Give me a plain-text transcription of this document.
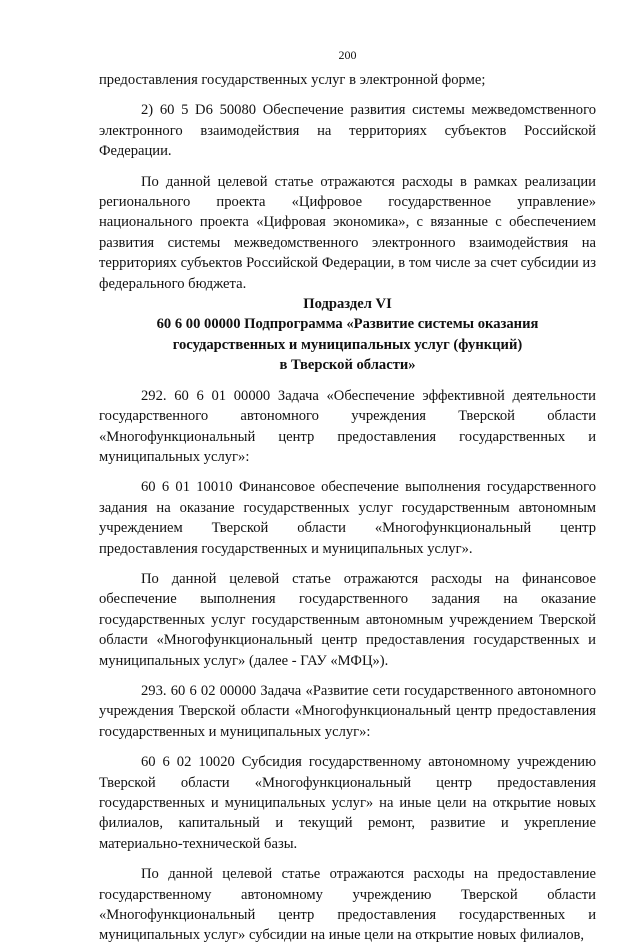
200

предоставления государственных услуг в электронной форме;

2) 60 5 D6 50080 Обеспечение развития системы межведомственного электронного взаимодействия на территориях субъектов Российской Федерации.

По данной целевой статье отражаются расходы в рамках реализации регионального проекта «Цифровое государственное управление» национального проекта «Цифровая экономика», с вязанные с обеспечением развития системы межведомственного электронного взаимодействия на территориях субъектов Российской Федерации, в том числе за счет субсидии из федерального бюджета.

Подраздел VI
60 6 00 00000 Подпрограмма «Развитие системы оказания
государственных и муниципальных услуг (функций)
в Тверской области»

292. 60 6 01 00000 Задача «Обеспечение эффективной деятельности государственного автономного учреждения Тверской области «Многофункциональный центр предоставления государственных и муниципальных услуг»:

60 6 01 10010 Финансовое обеспечение выполнения государственного задания на оказание государственных услуг государственным автономным учреждением Тверской области «Многофункциональный центр предоставления государственных и муниципальных услуг».

По данной целевой статье отражаются расходы на финансовое обеспечение выполнения государственного задания на оказание государственных услуг государственным автономным учреждением Тверской области «Многофункциональный центр предоставления государственных и муниципальных услуг» (далее - ГАУ «МФЦ»).

293. 60 6 02 00000 Задача «Развитие сети государственного автономного учреждения Тверской области «Многофункциональный центр предоставления государственных и муниципальных услуг»:

60 6 02 10020 Субсидия государственному автономному учреждению Тверской области «Многофункциональный центр предоставления государственных и муниципальных услуг» на иные цели на открытие новых филиалов, капитальный и текущий ремонт, развитие и укрепление материально-технической базы.

По данной целевой статье отражаются расходы на предоставление государственному автономному учреждению Тверской области «Многофункциональный центр предоставления государственных и муниципальных услуг» субсидии на иные цели на открытие новых филиалов,
